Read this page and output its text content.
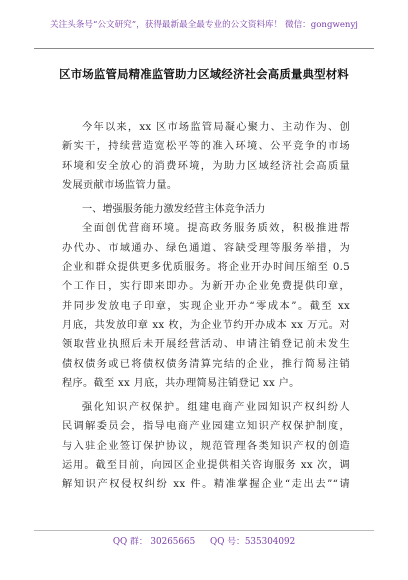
关注头条号“公文研究”，获得最新最全最专业的公文资料库！ 微信：gongwenyj
区市场监管局精准监管助力区域经济社会高质量典型材料

今年以来，xx 区市场监管局凝心聚力、主动作为、创
新实干，持续营造宽松平等的准入环境、公平竞争的市场
环境和安全放心的消费环境，为助力区域经济社会高质量
发展贡献市场监管力量。

一、增强服务能力激发经营主体竞争活力

全面创优营商环境。提高政务服务质效，积极推进帮
办代办、市域通办、绿色通道、容缺受理等服务举措，为
企业和群众提供更多优质服务。将企业开办时间压缩至 0.5
个工作日，实行即来即办。为新开办企业免费提供印章，
并同步发放电子印章，实现企业开办“零成本”。截至 xx
月底，共发放印章 xx 枚，为企业节约开办成本 xx 万元。对
领取营业执照后未开展经营活动、申请注销登记前未发生
债权债务或已将债权债务清算完结的企业，推行简易注销
程序。截至 xx 月底，共办理简易注销登记 xx 户。

强化知识产权保护。组建电商产业园知识产权纠纷人
民调解委员会，指导电商产业园建立知识产权保护制度，
与入驻企业签订保护协议，规范管理各类知识产权的创造
运用。截至目前，向园区企业提供相关咨询服务 xx 次，调
解知识产权侵权纠纷 xx 件。精准掌握企业“走出去”“请

QQ 群： 30265665 QQ 号：535304092
